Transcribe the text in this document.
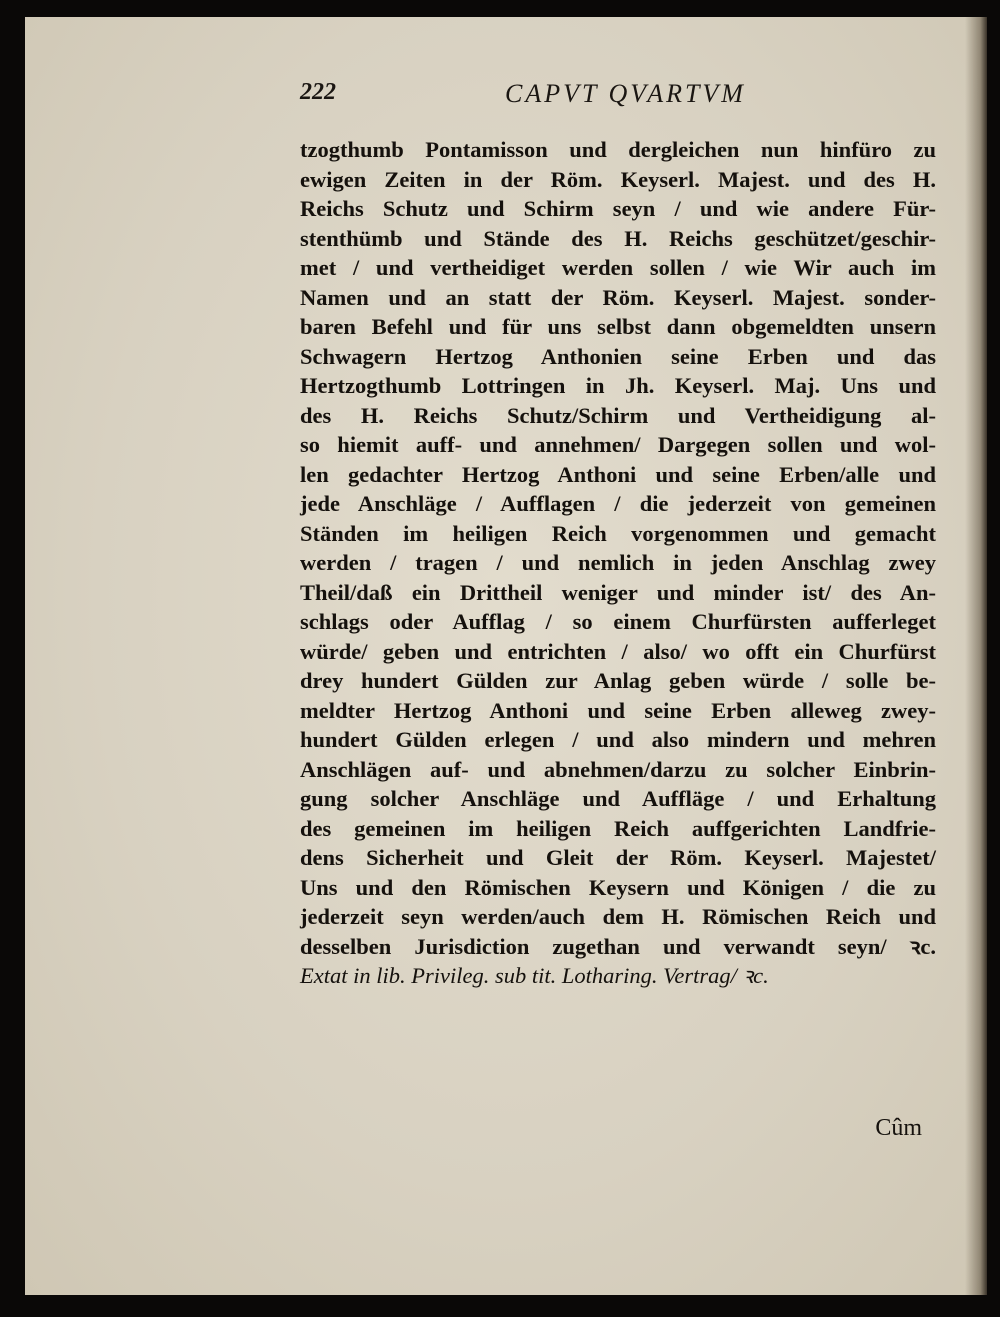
222	CAPVT QVARTVM
tzogthumb Pontamisson und dergleichen nun hinfüro zu
ewigen Zeiten in der Röm. Keyserl. Majest. und des H.
Reichs Schutz und Schirm seyn / und wie andere Für-
stenthümb und Stände des H. Reichs geschützet/geschir-
met / und vertheidiget werden sollen / wie Wir auch im
Namen und an statt der Röm. Keyserl. Majest. sonder-
baren Befehl und für uns selbst dann obgemeldten unsern
Schwagern Hertzog Anthonien seine Erben und das
Hertzogthumb Lottringen in Jh. Keyserl. Maj. Uns und
des H. Reichs Schutz/Schirm und Vertheidigung al-
so hiemit auff- und annehmen/ Dargegen sollen und wol-
len gedachter Hertzog Anthoni und seine Erben/alle und
jede Anschläge / Aufflagen / die jederzeit von gemeinen
Ständen im heiligen Reich vorgenommen und gemacht
werden / tragen / und nemlich in jeden Anschlag zwey
Theil/daß ein Drittheil weniger und minder ist/ des An-
schlags oder Aufflag / so einem Churfürsten aufferleget
würde/ geben und entrichten / also/ wo offt ein Churfürst
drey hundert Gülden zur Anlag geben würde / solle be-
meldter Hertzog Anthoni und seine Erben alleweg zwey-
hundert Gülden erlegen / und also mindern und mehren
Anschlägen auf- und abnehmen/darzu zu solcher Einbrin-
gung solcher Anschläge und Auffläge / und Erhaltung
des gemeinen im heiligen Reich auffgerichten Landfrie-
dens Sicherheit und Gleit der Röm. Keyserl. Majestet/
Uns und den Römischen Keysern und Königen / die zu
jederzeit seyn werden/auch dem H. Römischen Reich und
desselben Jurisdiction zugethan und verwandt seyn/ ꝛc.
Extat in lib. Privileg. sub tit. Lotharing. Vertrag/ ꝛc.
Cûm
